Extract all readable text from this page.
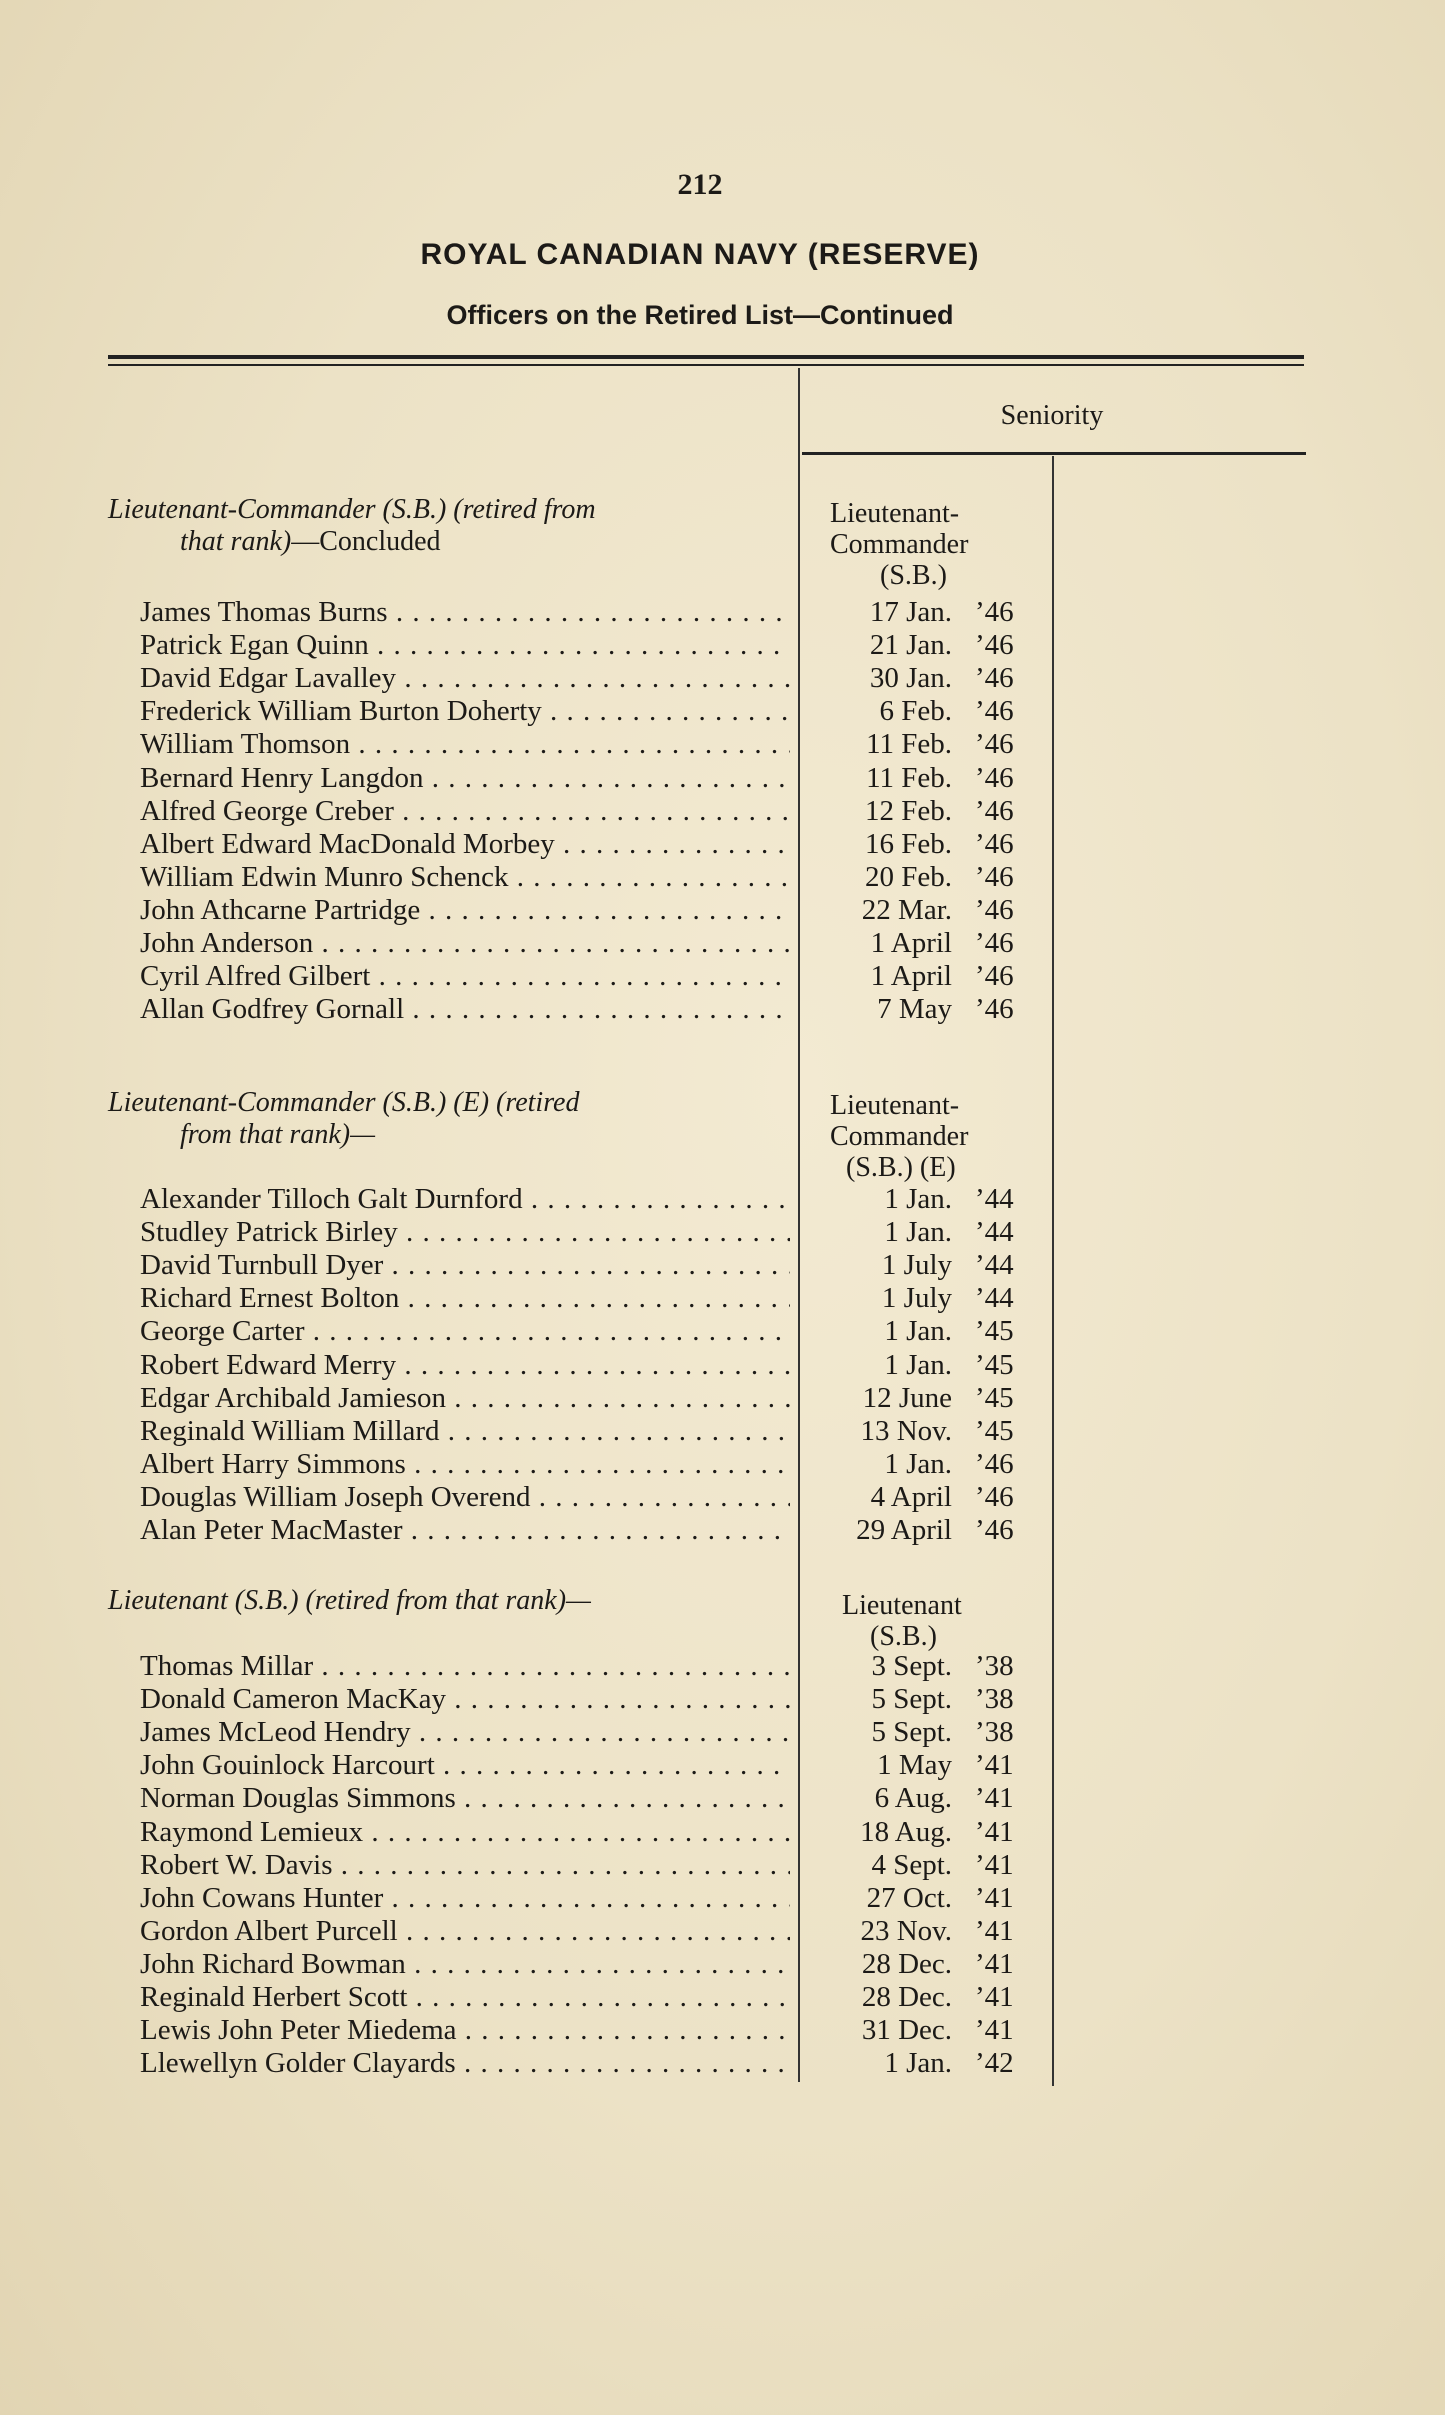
212
ROYAL CANADIAN NAVY (RESERVE)
Officers on the Retired List—Continued
Seniority
Lieutenant-Commander (S.B.) (retired from
that rank)—Concluded
Lieutenant-
Commander
(S.B.)
James Thomas Burns . . .	17 Jan. ’46
Patrick Egan Quinn . . .	21 Jan. ’46
David Edgar Lavalley . . .	30 Jan. ’46
Frederick William Burton Doherty . . .	6 Feb. ’46
William Thomson . . .	11 Feb. ’46
Bernard Henry Langdon . . .	11 Feb. ’46
Alfred George Creber . . .	12 Feb. ’46
Albert Edward MacDonald Morbey . . .	16 Feb. ’46
William Edwin Munro Schenck . . .	20 Feb. ’46
John Athcarne Partridge . . .	22 Mar. ’46
John Anderson . . .	1 April ’46
Cyril Alfred Gilbert . . .	1 April ’46
Allan Godfrey Gornall . . .	7 May ’46
Lieutenant-Commander (S.B.) (E) (retired
from that rank)—
Lieutenant-
Commander
(S.B.) (E)
Alexander Tilloch Galt Durnford . . .	1 Jan. ’44
Studley Patrick Birley . . .	1 Jan. ’44
David Turnbull Dyer . . .	1 July ’44
Richard Ernest Bolton . . .	1 July ’44
George Carter . . .	1 Jan. ’45
Robert Edward Merry . . .	1 Jan. ’45
Edgar Archibald Jamieson . . .	12 June ’45
Reginald William Millard . . .	13 Nov. ’45
Albert Harry Simmons . . .	1 Jan. ’46
Douglas William Joseph Overend . . .	4 April ’46
Alan Peter MacMaster . . .	29 April ’46
Lieutenant (S.B.) (retired from that rank)—	Lieutenant
(S.B.)
Thomas Millar . . .	3 Sept. ’38
Donald Cameron MacKay . . .	5 Sept. ’38
James McLeod Hendry . . .	5 Sept. ’38
John Gouinlock Harcourt . . .	1 May ’41
Norman Douglas Simmons . . .	6 Aug. ’41
Raymond Lemieux . . .	18 Aug. ’41
Robert W. Davis . . .	4 Sept. ’41
John Cowans Hunter . . .	27 Oct. ’41
Gordon Albert Purcell . . .	23 Nov. ’41
John Richard Bowman . . .	28 Dec. ’41
Reginald Herbert Scott . . .	28 Dec. ’41
Lewis John Peter Miedema . . .	31 Dec. ’41
Llewellyn Golder Clayards . . .	1 Jan. ’42
